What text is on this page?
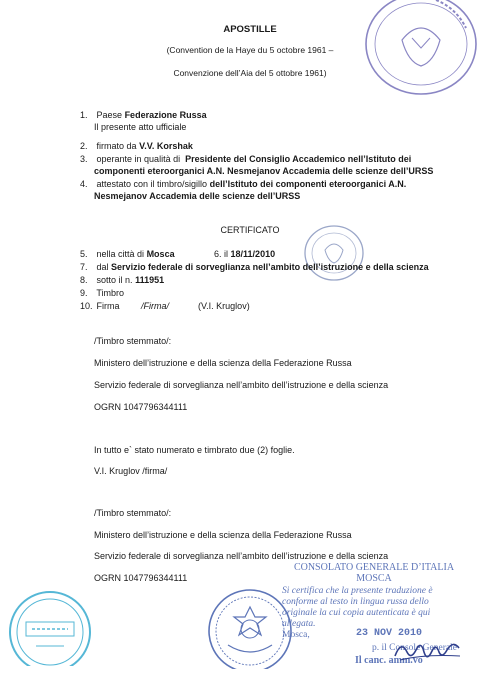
APOSTILLE
(Convention de la Haye du 5 octobre 1961 –
Convenzione dell’Aia del 5 ottobre 1961)
1. Paese Federazione Russa
Il presente atto ufficiale
2. firmato da V.V. Korshak
3. operante in qualità di Presidente del Consiglio Accademico nell’Istituto dei
componenti eteroorganici A.N. Nesmejanov Accademia delle scienze dell’URSS
4. attestato con il timbro/sigillo dell’Istituto dei componenti eteroorganici A.N.
Nesmejanov Accademia delle scienze dell’URSS
CERTIFICATO
5. nella città di Mosca	6. il 18/11/2010
7. dal Servizio federale di sorveglianza nell’ambito dell’istruzione e della scienza
8. sotto il n. 111951
9. Timbro
10. Firma /Firma/	(V.I. Kruglov)
/Timbro stemmato/:
Ministero dell’istruzione e della scienza della Federazione Russa
Servizio federale di sorveglianza nell’ambito dell’istruzione e della scienza
OGRN 1047796344111
In tutto e` stato numerato e timbrato due (2) foglie.
V.I. Kruglov /firma/
/Timbro stemmato/:
Ministero dell’istruzione e della scienza della Federazione Russa
Servizio federale di sorveglianza nell’ambito dell’istruzione e della scienza
OGRN 1047796344111
CONSOLATO GENERALE D’ITALIA
MOSCA
Si certifica che la presente traduzione è
conforme al testo in lingua russa dello
originale la cui copia autenticata è qui
allegata.
Mosca,	23 NOV 2010
p. il Console Generale
Il canc. amm.vo
